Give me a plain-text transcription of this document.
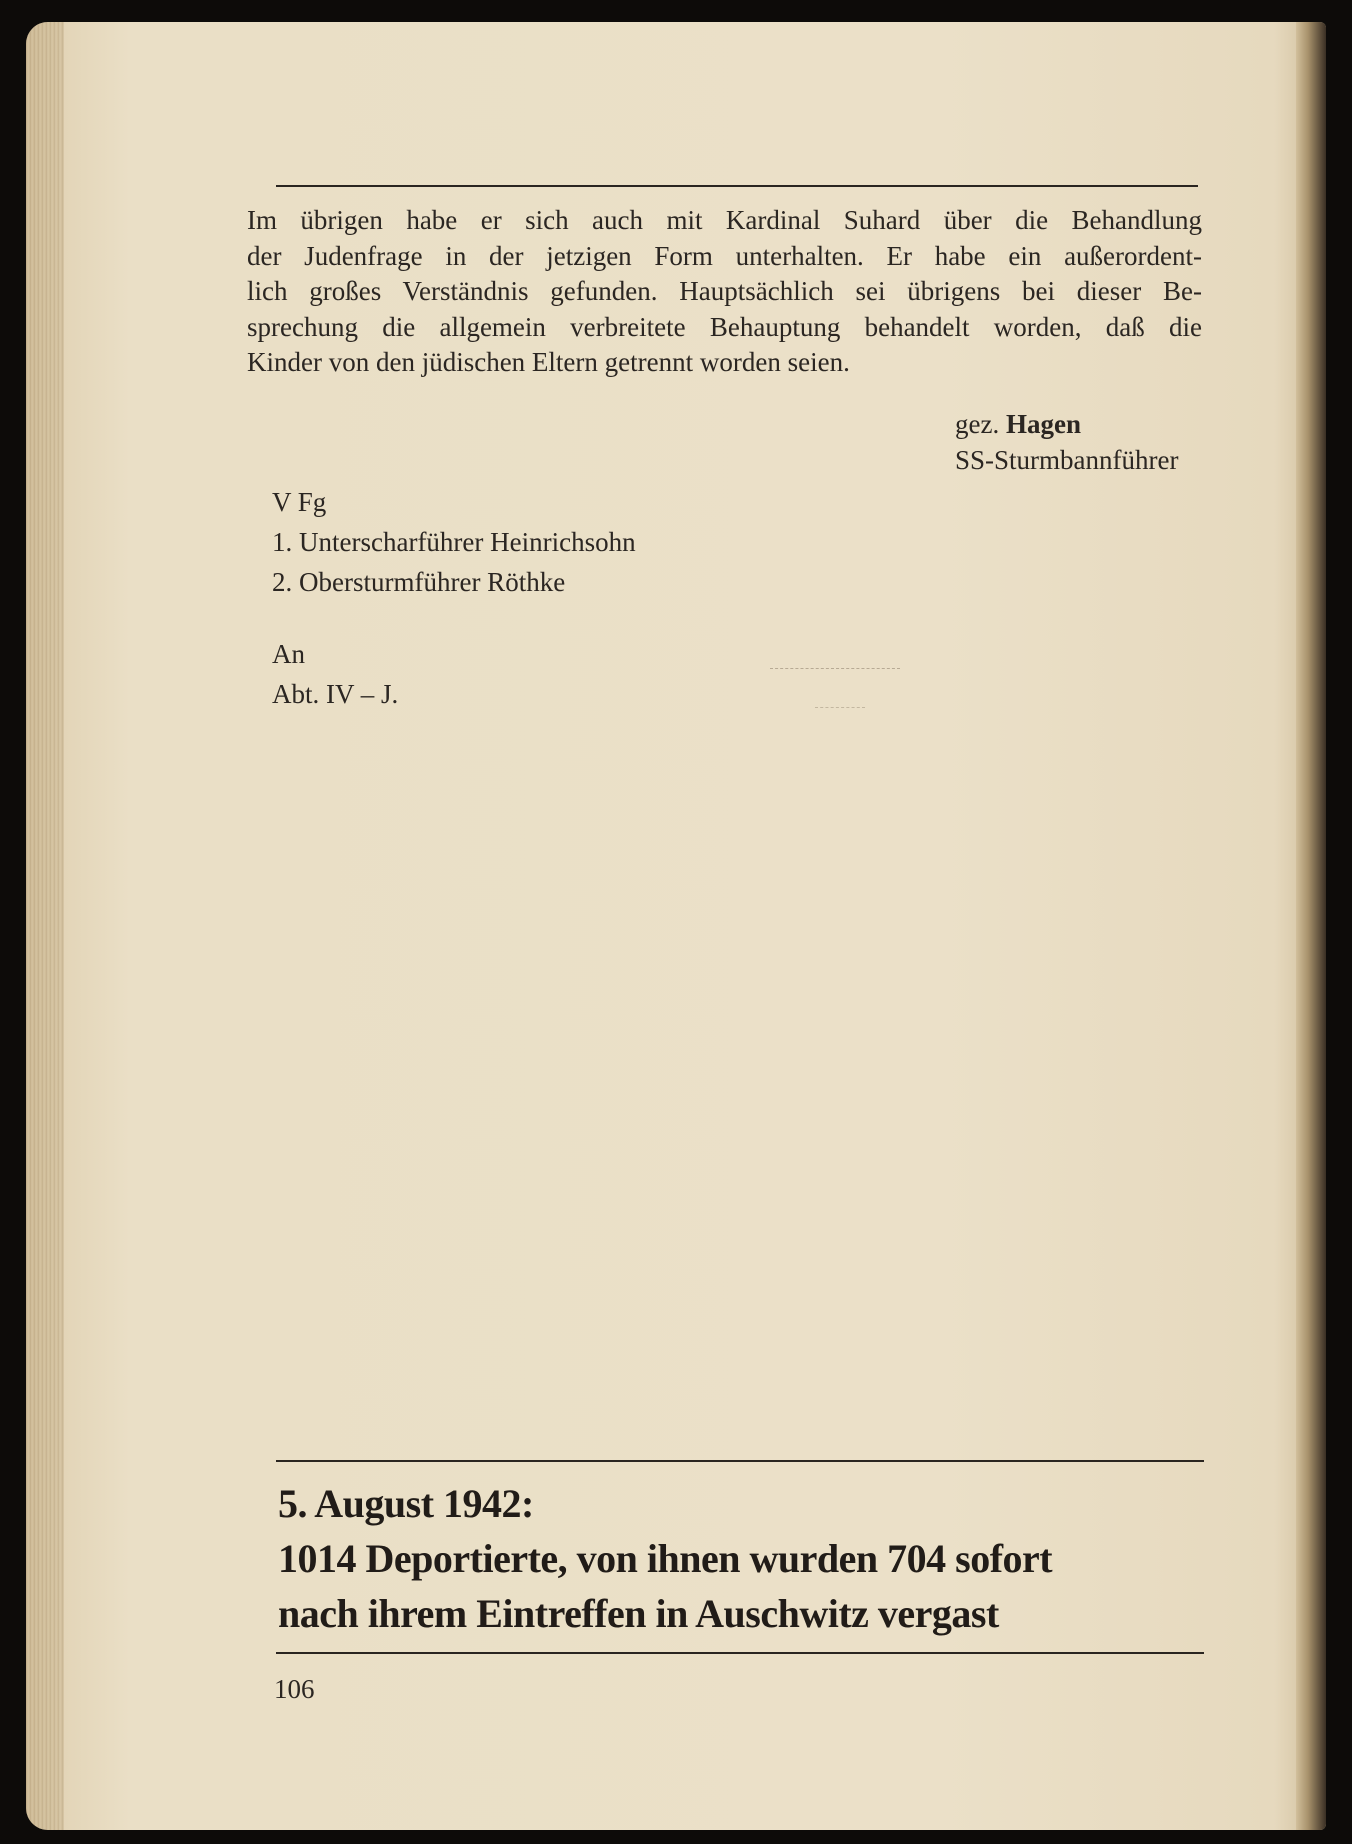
Im übrigen habe er sich auch mit Kardinal Suhard über die Behandlung
der Judenfrage in der jetzigen Form unterhalten. Er habe ein außerordent-
lich großes Verständnis gefunden. Hauptsächlich sei übrigens bei dieser Be-
sprechung die allgemein verbreitete Behauptung behandelt worden, daß die
Kinder von den jüdischen Eltern getrennt worden seien.
gez. Hagen
SS-Sturmbannführer
V Fg
1. Unterscharführer Heinrichsohn
2. Obersturmführer Röthke
An
Abt. IV – J.
5. August 1942:
1014 Deportierte, von ihnen wurden 704 sofort
nach ihrem Eintreffen in Auschwitz vergast
106
